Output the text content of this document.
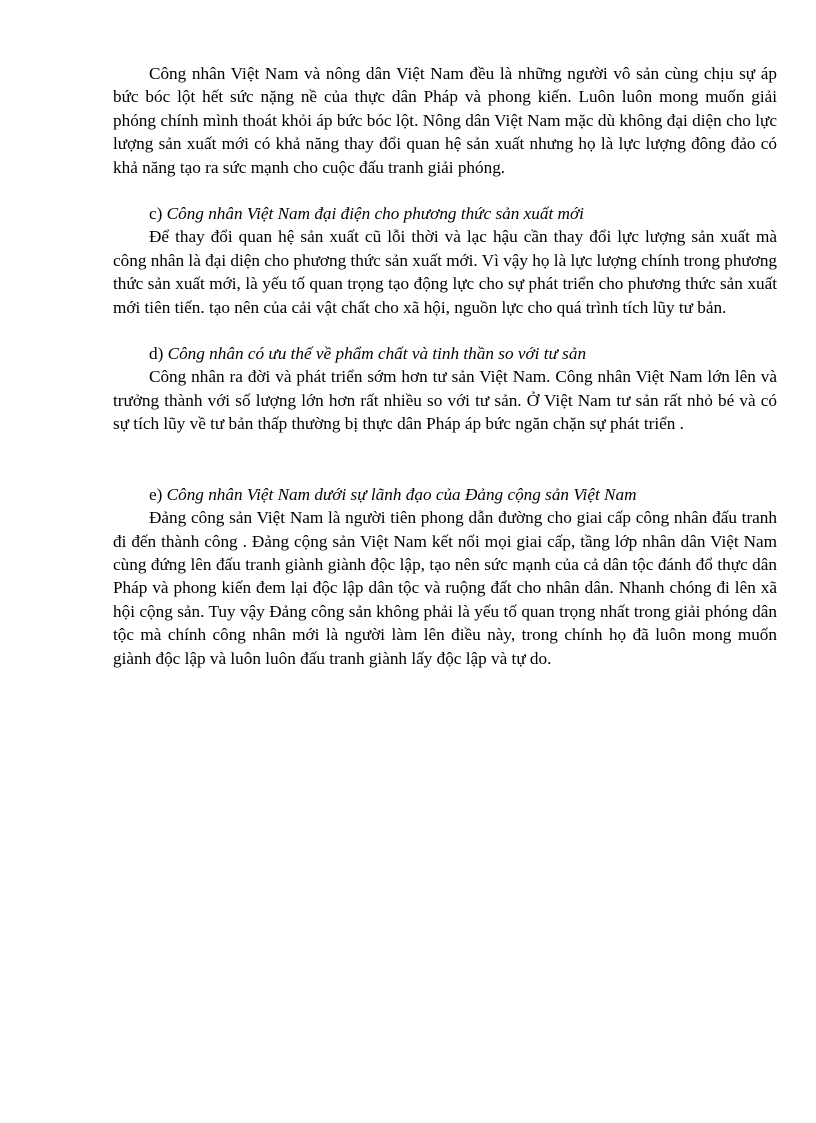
Công nhân Việt Nam và nông dân Việt Nam đều là những người vô sản cùng chịu sự áp bức bóc lột hết sức nặng nề của thực dân Pháp và phong kiến. Luôn luôn mong muốn giải phóng chính mình thoát khỏi áp bức bóc lột. Nông dân Việt Nam mặc dù không đại diện cho lực lượng sản xuất mới có khả năng thay đổi quan hệ sản xuất nhưng họ là lực lượng đông đảo có khả năng tạo ra sức mạnh cho cuộc đấu tranh giải phóng.

c) Công nhân Việt Nam đại điện cho phương thức sản xuất mới

Để thay đổi quan hệ sản xuất cũ lỗi thời và lạc hậu cần thay đổi lực lượng sản xuất mà công nhân là đại diện cho phương thức sản xuất mới. Vì vậy họ là lực lượng chính trong phương thức sản xuất mới, là yếu tố quan trọng tạo động lực cho sự phát triển cho phương thức sản xuất mới tiên tiến. tạo nên của cải vật chất cho xã hội, nguồn lực cho quá trình tích lũy tư bản.

d) Công nhân có ưu thế về phẩm chất và tinh thần so với tư sản

Công nhân ra đời và phát triển sớm hơn tư sản Việt Nam. Công nhân Việt Nam lớn lên và trưởng thành với số lượng lớn hơn rất nhiều so với tư sản. Ở Việt Nam tư sản rất nhỏ bé và có sự tích lũy về tư bản thấp thường bị thực dân Pháp áp bức ngăn chặn sự phát triển .

e) Công nhân Việt Nam dưới sự lãnh đạo của Đảng cộng sản Việt Nam

Đảng công sản Việt Nam là người tiên phong dẫn đường cho giai cấp công nhân đấu tranh đi đến thành công . Đảng cộng sản Việt Nam kết nối mọi giai cấp, tầng lớp nhân dân Việt Nam cùng đứng lên đấu tranh giành giành độc lập, tạo nên sức mạnh của cả dân tộc đánh đổ thực dân Pháp và phong kiến đem lại độc lập dân tộc và ruộng đất cho nhân dân. Nhanh chóng đi lên xã hội cộng sản. Tuy vậy Đảng công sản không phải là yếu tố quan trọng nhất trong giải phóng dân tộc mà chính công nhân mới là người làm lên điều này, trong chính họ đã luôn mong muốn giành độc lập và luôn luôn đấu tranh giành lấy độc lập và tự do.
